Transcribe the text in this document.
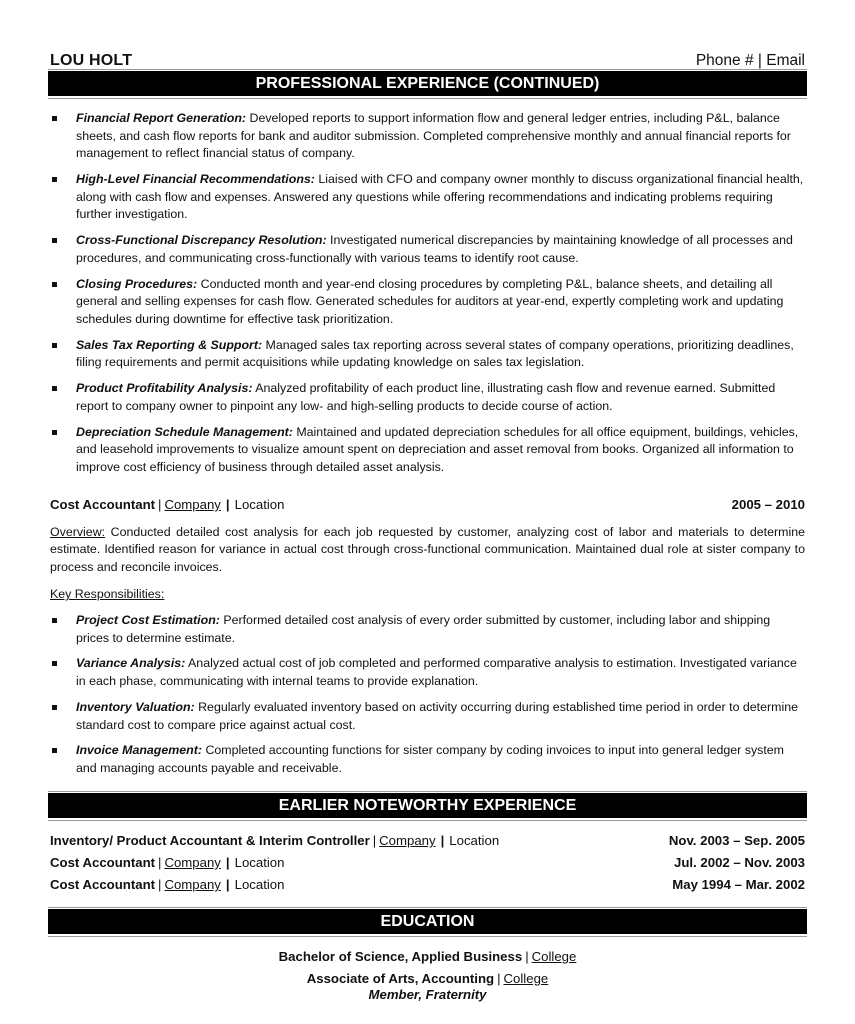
LOU HOLT	Phone # | Email
PROFESSIONAL EXPERIENCE (CONTINUED)
Financial Report Generation: Developed reports to support information flow and general ledger entries, including P&L, balance sheets, and cash flow reports for bank and auditor submission. Completed comprehensive monthly and annual financial reports for management to reflect financial status of company.
High-Level Financial Recommendations: Liaised with CFO and company owner monthly to discuss organizational financial health, along with cash flow and expenses. Answered any questions while offering recommendations and indicating problems requiring further investigation.
Cross-Functional Discrepancy Resolution: Investigated numerical discrepancies by maintaining knowledge of all processes and procedures, and communicating cross-functionally with various teams to identify root cause.
Closing Procedures: Conducted month and year-end closing procedures by completing P&L, balance sheets, and detailing all general and selling expenses for cash flow. Generated schedules for auditors at year-end, expertly completing work and updating schedules during downtime for effective task prioritization.
Sales Tax Reporting & Support: Managed sales tax reporting across several states of company operations, prioritizing deadlines, filing requirements and permit acquisitions while updating knowledge on sales tax legislation.
Product Profitability Analysis: Analyzed profitability of each product line, illustrating cash flow and revenue earned. Submitted report to company owner to pinpoint any low- and high-selling products to decide course of action.
Depreciation Schedule Management: Maintained and updated depreciation schedules for all office equipment, buildings, vehicles, and leasehold improvements to visualize amount spent on depreciation and asset removal from books. Organized all information to improve cost efficiency of business through detailed asset analysis.
Cost Accountant | Company | Location	2005 – 2010

Overview: Conducted detailed cost analysis for each job requested by customer, analyzing cost of labor and materials to determine estimate. Identified reason for variance in actual cost through cross-functional communication. Maintained dual role at sister company to process and reconcile invoices.

Key Responsibilities:

Project Cost Estimation: Performed detailed cost analysis of every order submitted by customer, including labor and shipping prices to determine estimate.
Variance Analysis: Analyzed actual cost of job completed and performed comparative analysis to estimation. Investigated variance in each phase, communicating with internal teams to provide explanation.
Inventory Valuation: Regularly evaluated inventory based on activity occurring during established time period in order to determine standard cost to compare price against actual cost.
Invoice Management: Completed accounting functions for sister company by coding invoices to input into general ledger system and managing accounts payable and receivable.
EARLIER NOTEWORTHY EXPERIENCE
Inventory/ Product Accountant & Interim Controller | Company | Location	Nov. 2003 – Sep. 2005
Cost Accountant | Company | Location	Jul. 2002 – Nov. 2003
Cost Accountant | Company | Location	May 1994 – Mar. 2002
EDUCATION
Bachelor of Science, Applied Business | College
Associate of Arts, Accounting | College
Member, Fraternity
